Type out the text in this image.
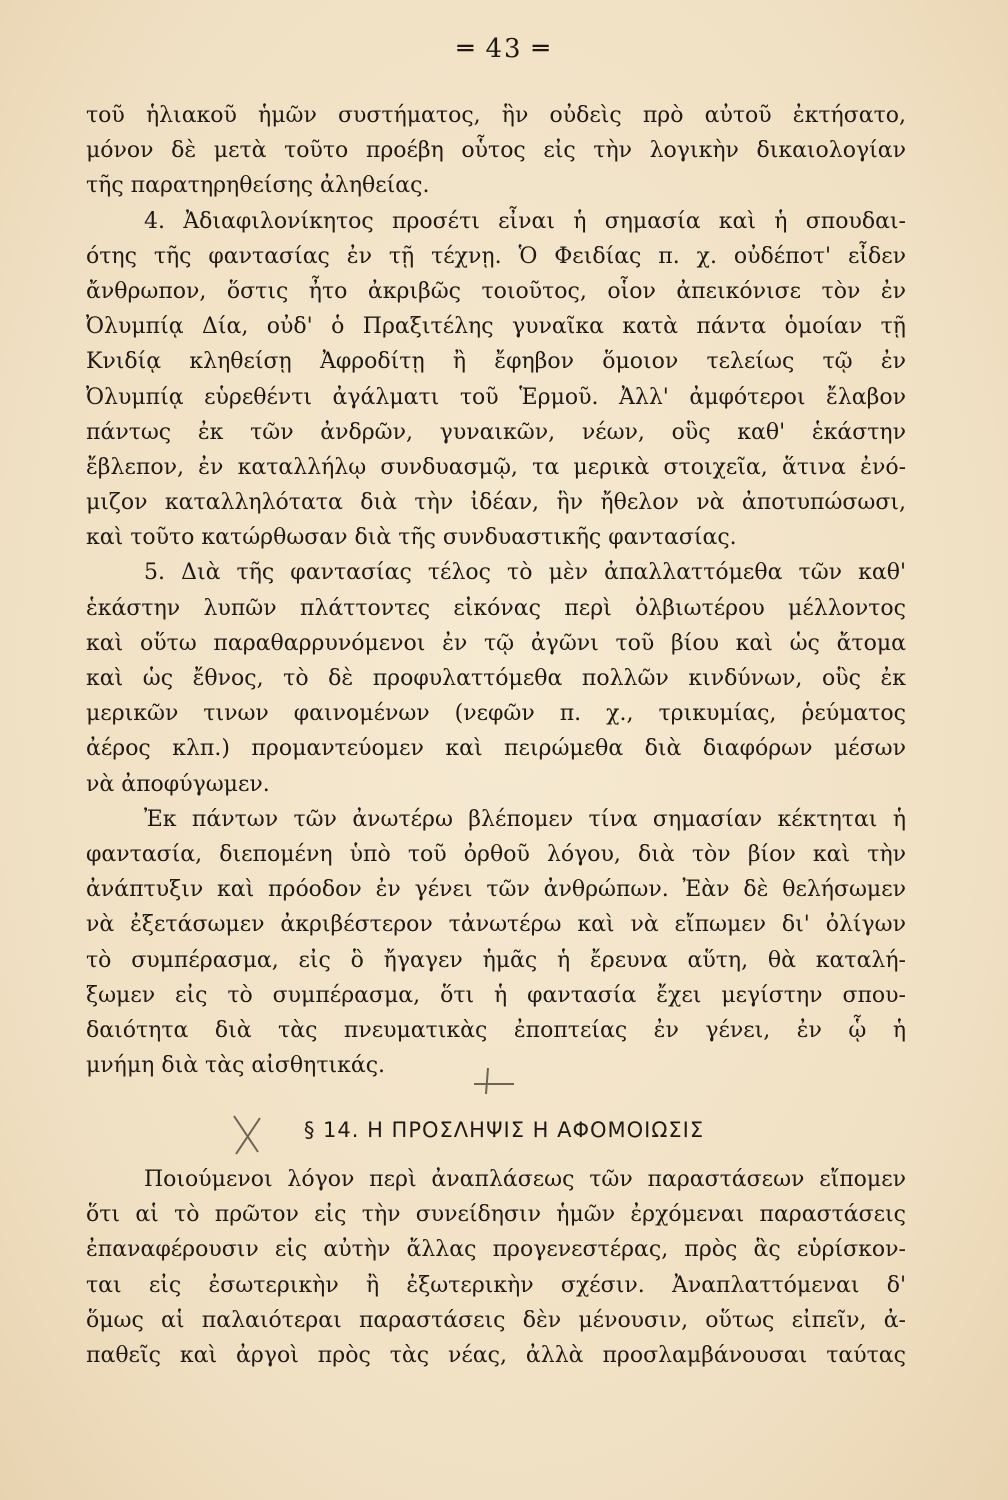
═ 43 ═
τοῦ ἡλιακοῦ ἡμῶν συστήματος, ἣν οὐδεὶς πρὸ αὐτοῦ ἐκτήσατο,
μόνον δὲ μετὰ τοῦτο προέβη οὗτος εἰς τὴν λογικὴν δικαιολογίαν
τῆς παρατηρηθείσης ἀληθείας.
4. Ἀδιαφιλονίκητος προσέτι εἶναι ἡ σημασία καὶ ἡ σπουδαι-
ότης τῆς φαντασίας ἐν τῇ τέχνῃ. Ὁ Φειδίας π. χ. οὐδέποτ' εἶδεν
ἄνθρωπον, ὅστις ἦτο ἀκριβῶς τοιοῦτος, οἷον ἀπεικόνισε τὸν ἐν
Ὀλυμπίᾳ Δία, οὐδ' ὁ Πραξιτέλης γυναῖκα κατὰ πάντα ὁμοίαν τῇ
Κνιδίᾳ κληθείσῃ Ἀφροδίτῃ ἢ ἔφηβον ὅμοιον τελείως τῷ ἐν
Ὀλυμπίᾳ εὑρεθέντι ἀγάλματι τοῦ Ἑρμοῦ. Ἀλλ' ἀμφότεροι ἔλαβον
πάντως ἐκ τῶν ἀνδρῶν, γυναικῶν, νέων, οὓς καθ' ἑκάστην
ἔβλεπον, ἐν καταλλήλῳ συνδυασμῷ, τα μερικὰ στοιχεῖα, ἅτινα ἐνό-
μιζον καταλληλότατα διὰ τὴν ἰδέαν, ἣν ἤθελον νὰ ἀποτυπώσωσι,
καὶ τοῦτο κατώρθωσαν διὰ τῆς συνδυαστικῆς φαντασίας.
5. Διὰ τῆς φαντασίας τέλος τὸ μὲν ἀπαλλαττόμεθα τῶν καθ'
ἑκάστην λυπῶν πλάττοντες εἰκόνας περὶ ὀλβιωτέρου μέλλοντος
καὶ οὕτω παραθαρρυνόμενοι ἐν τῷ ἀγῶνι τοῦ βίου καὶ ὡς ἄτομα
καὶ ὡς ἔθνος, τὸ δὲ προφυλαττόμεθα πολλῶν κινδύνων, οὓς ἐκ
μερικῶν τινων φαινομένων (νεφῶν π. χ., τρικυμίας, ῥεύματος
ἀέρος κλπ.) προμαντεύομεν καὶ πειρώμεθα διὰ διαφόρων μέσων
νὰ ἀποφύγωμεν.
Ἐκ πάντων τῶν ἀνωτέρω βλέπομεν τίνα σημασίαν κέκτηται ἡ
φαντασία, διεπομένη ὑπὸ τοῦ ὀρθοῦ λόγου, διὰ τὸν βίον καὶ τὴν
ἀνάπτυξιν καὶ πρόοδον ἐν γένει τῶν ἀνθρώπων. Ἐὰν δὲ θελήσωμεν
νὰ ἐξετάσωμεν ἀκριβέστερον τἀνωτέρω καὶ νὰ εἴπωμεν δι' ὀλίγων
τὸ συμπέρασμα, εἰς ὃ ἤγαγεν ἡμᾶς ἡ ἔρευνα αὕτη, θὰ καταλή-
ξωμεν εἰς τὸ συμπέρασμα, ὅτι ἡ φαντασία ἔχει μεγίστην σπου-
δαιότητα διὰ τὰς πνευματικὰς ἐποπτείας ἐν γένει, ἐν ᾧ ἡ
μνήμη διὰ τὰς αἰσθητικάς.
§ 14. Η ΠΡΟΣΛΗΨΙΣ Η ΑΦΟΜΟΙΩΣΙΣ
Ποιούμενοι λόγον περὶ ἀναπλάσεως τῶν παραστάσεων εἴπομεν
ὅτι αἱ τὸ πρῶτον εἰς τὴν συνείδησιν ἡμῶν ἐρχόμεναι παραστάσεις
ἐπαναφέρουσιν εἰς αὐτὴν ἄλλας προγενεστέρας, πρὸς ἃς εὑρίσκον-
ται εἰς ἐσωτερικὴν ἢ ἐξωτερικὴν σχέσιν. Ἀναπλαττόμεναι δ'
ὅμως αἱ παλαιότεραι παραστάσεις δὲν μένουσιν, οὕτως εἰπεῖν, ἀ-
παθεῖς καὶ ἀργοὶ πρὸς τὰς νέας, ἀλλὰ προσλαμβάνουσαι ταύτας
